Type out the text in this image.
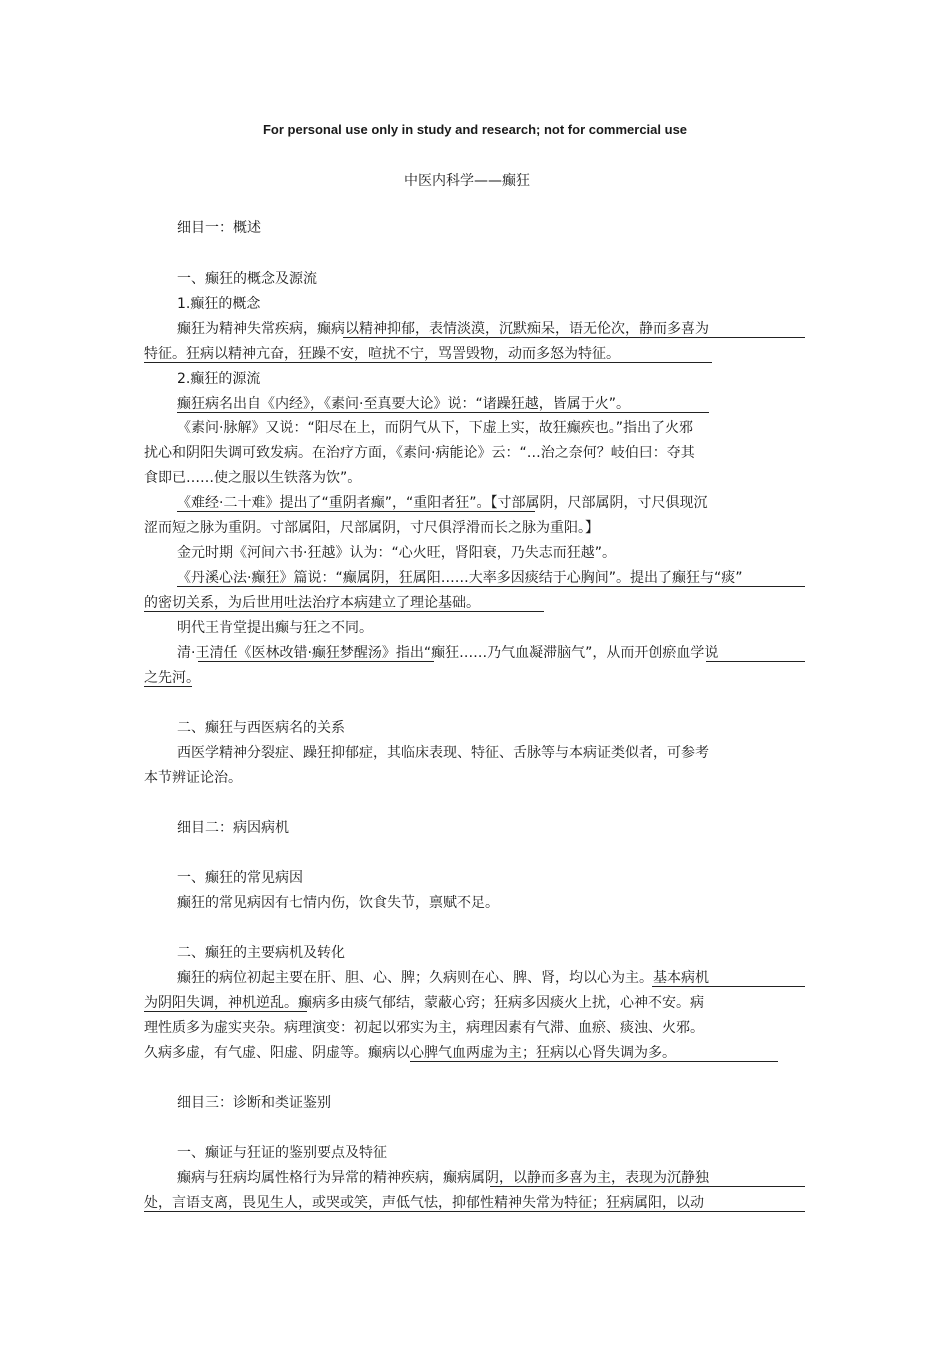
For personal use only in study and research; not for commercial use
中医内科学——癫狂
细目一：概述
一、癫狂的概念及源流
1.癫狂的概念
癫狂为精神失常疾病，癫病以精神抑郁，表情淡漠，沉默痴呆，语无伦次，静而多喜为
特征。狂病以精神亢奋，狂躁不安，喧扰不宁，骂詈毁物，动而多怒为特征。
2.癫狂的源流
癫狂病名出自《内经》，《素问·至真要大论》说：“诸躁狂越，皆属于火”。
《素问·脉解》又说：“阳尽在上，而阴气从下，下虚上实，故狂癫疾也。”指出了火邪
扰心和阴阳失调可致发病。在治疗方面，《素问·病能论》云：“…治之奈何？岐伯曰：夺其
食即已……使之服以生铁落为饮”。
《难经·二十难》提出了“重阴者癫”，“重阳者狂”。【寸部属阴，尺部属阴，寸尺俱现沉
涩而短之脉为重阴。寸部属阳，尺部属阴，寸尺俱浮滑而长之脉为重阳。】
金元时期《河间六书·狂越》认为：“心火旺，肾阳衰，乃失志而狂越”。
《丹溪心法·癫狂》篇说：“癫属阴，狂属阳……大率多因痰结于心胸间”。提出了癫狂与“痰”
的密切关系，为后世用吐法治疗本病建立了理论基础。
明代王肯堂提出癫与狂之不同。
清·王清任《医林改错·癫狂梦醒汤》指出“癫狂……乃气血凝滞脑气”，从而开创瘀血学说
之先河。
二、癫狂与西医病名的关系
西医学精神分裂症、躁狂抑郁症，其临床表现、特征、舌脉等与本病证类似者，可参考
本节辨证论治。
细目二：病因病机
一、癫狂的常见病因
癫狂的常见病因有七情内伤，饮食失节，禀赋不足。
二、癫狂的主要病机及转化
癫狂的病位初起主要在肝、胆、心、脾；久病则在心、脾、肾，均以心为主。基本病机
为阴阳失调，神机逆乱。癫病多由痰气郁结，蒙蔽心窍；狂病多因痰火上扰，心神不安。病
理性质多为虚实夹杂。病理演变：初起以邪实为主，病理因素有气滞、血瘀、痰浊、火邪。
久病多虚，有气虚、阳虚、阴虚等。癫病以心脾气血两虚为主；狂病以心肾失调为多。
细目三：诊断和类证鉴别
一、癫证与狂证的鉴别要点及特征
癫病与狂病均属性格行为异常的精神疾病，癫病属阴，以静而多喜为主，表现为沉静独
处，言语支离，畏见生人，或哭或笑，声低气怯，抑郁性精神失常为特征；狂病属阳，以动
